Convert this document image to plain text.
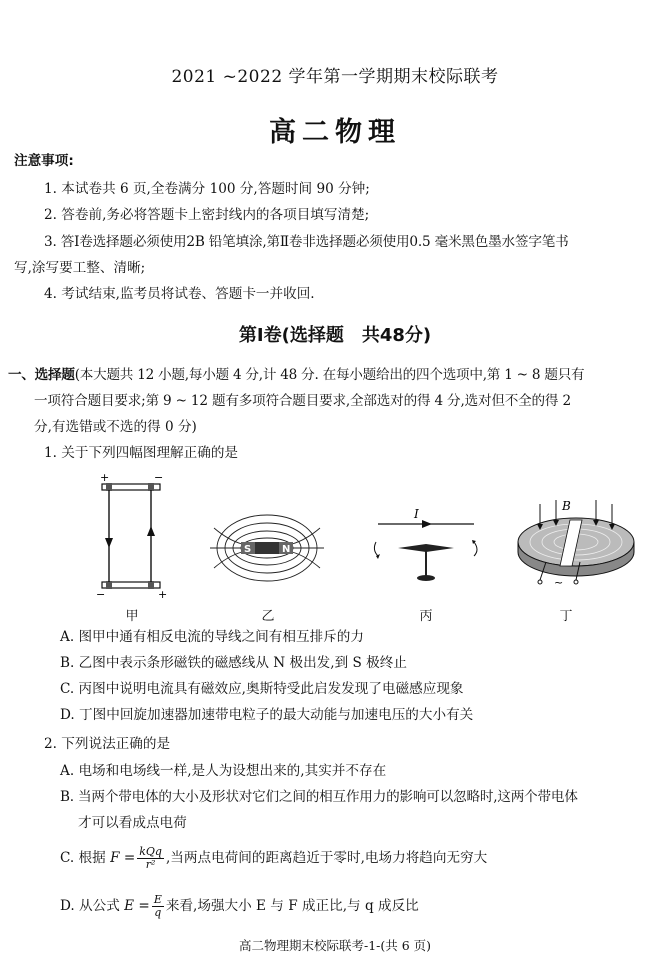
2021 ~2022 学年第一学期期末校际联考
高二物理
注意事项:
1. 本试卷共 6 页,全卷满分 100 分,答题时间 90 分钟;
2. 答卷前,务必将答题卡上密封线内的各项目填写清楚;
3. 答Ⅰ卷选择题必须使用2B 铅笔填涂,第Ⅱ卷非选择题必须使用0.5 毫米黑色墨水签字笔书
写,涂写要工整、清晰;
4. 考试结束,监考员将试卷、答题卡一并收回.
第Ⅰ卷(选择题　共48分)
一、选择题(本大题共 12 小题,每小题 4 分,计 48 分. 在每小题给出的四个选项中,第 1 ~ 8 题只有
一项符合题目要求;第 9 ~ 12 题有多项符合题目要求,全部选对的得 4 分,选对但不全的得 2
分,有选错或不选的得 0 分)
1. 关于下列四幅图理解正确的是
+	−
−	+
甲
S	N
乙
I
丙
B
~
丁
A. 图甲中通有相反电流的导线之间有相互排斥的力
B. 乙图中表示条形磁铁的磁感线从 N 极出发,到 S 极终止
C. 丙图中说明电流具有磁效应,奥斯特受此启发发现了电磁感应现象
D. 丁图中回旋加速器加速带电粒子的最大动能与加速电压的大小有关
2. 下列说法正确的是
A. 电场和电场线一样,是人为设想出来的,其实并不存在
B. 当两个带电体的大小及形状对它们之间的相互作用力的影响可以忽略时,这两个带电体
才可以看成点电荷
C. 根据 $F = \frac{\text{kQq}}{\text{r²}}$ ,当两点电荷间的距离趋近于零时,电场力将趋向无穷大
D. 从公式 $E = \frac{E}{q}$ 来看,场强大小 E 与 F 成正比,与 q 成反比
高二物理期末校际联考-1-(共 6 页)
